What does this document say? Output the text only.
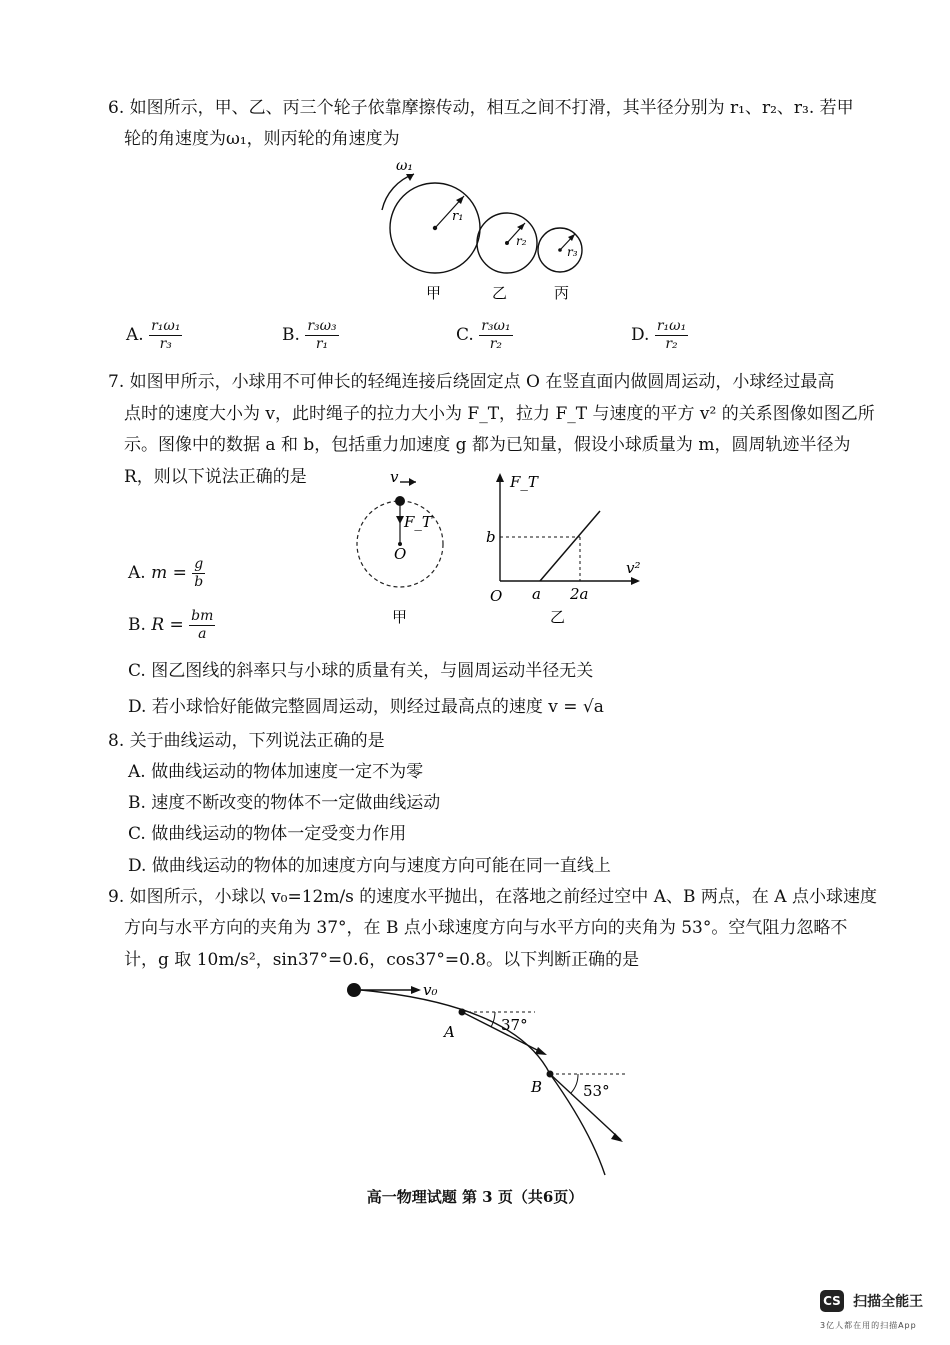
6. 如图所示，甲、乙、丙三个轮子依靠摩擦传动，相互之间不打滑，其半径分别为 r₁、r₂、r₃. 若甲
轮的角速度为ω₁，则丙轮的角速度为
ω₁
r₁
r₂
r₃
甲	乙	丙
A. $\frac{\text{r₁ω₁}}{\text{r₃}}$	B. $\frac{\text{r₃ω₃}}{\text{r₁}}$	C. $\frac{\text{r₃ω₁}}{\text{r₂}}$	D. $\frac{\text{r₁ω₁}}{\text{r₂}}$
7. 如图甲所示，小球用不可伸长的轻绳连接后绕固定点 O 在竖直面内做圆周运动，小球经过最高
点时的速度大小为 v，此时绳子的拉力大小为 F_T，拉力 F_T 与速度的平方 v² 的关系图像如图乙所
示。图像中的数据 a 和 b，包括重力加速度 g 都为已知量，假设小球质量为 m，圆周轨迹半径为
R，则以下说法正确的是	v
F_T
O
甲
F_T
v²
b
O a 2a
乙
A. $m = \frac{g}{b}$
B. $R = \frac{bm}{a}$
C. 图乙图线的斜率只与小球的质量有关，与圆周运动半径无关
D. 若小球恰好能做完整圆周运动，则经过最高点的速度 v = √a
8. 关于曲线运动，下列说法正确的是
A. 做曲线运动的物体加速度一定不为零
B. 速度不断改变的物体不一定做曲线运动
C. 做曲线运动的物体一定受变力作用
D. 做曲线运动的物体的加速度方向与速度方向可能在同一直线上
9. 如图所示，小球以 v₀=12m/s 的速度水平抛出，在落地之前经过空中 A、B 两点，在 A 点小球速度
方向与水平方向的夹角为 37°，在 B 点小球速度方向与水平方向的夹角为 53°。空气阻力忽略不
计，g 取 10m/s²，sin37°=0.6，cos37°=0.8。以下判断正确的是
v₀
37°
A
53°
B
高一物理试题 第 3 页（共6页）
CS 扫描全能王
3亿人都在用的扫描App
